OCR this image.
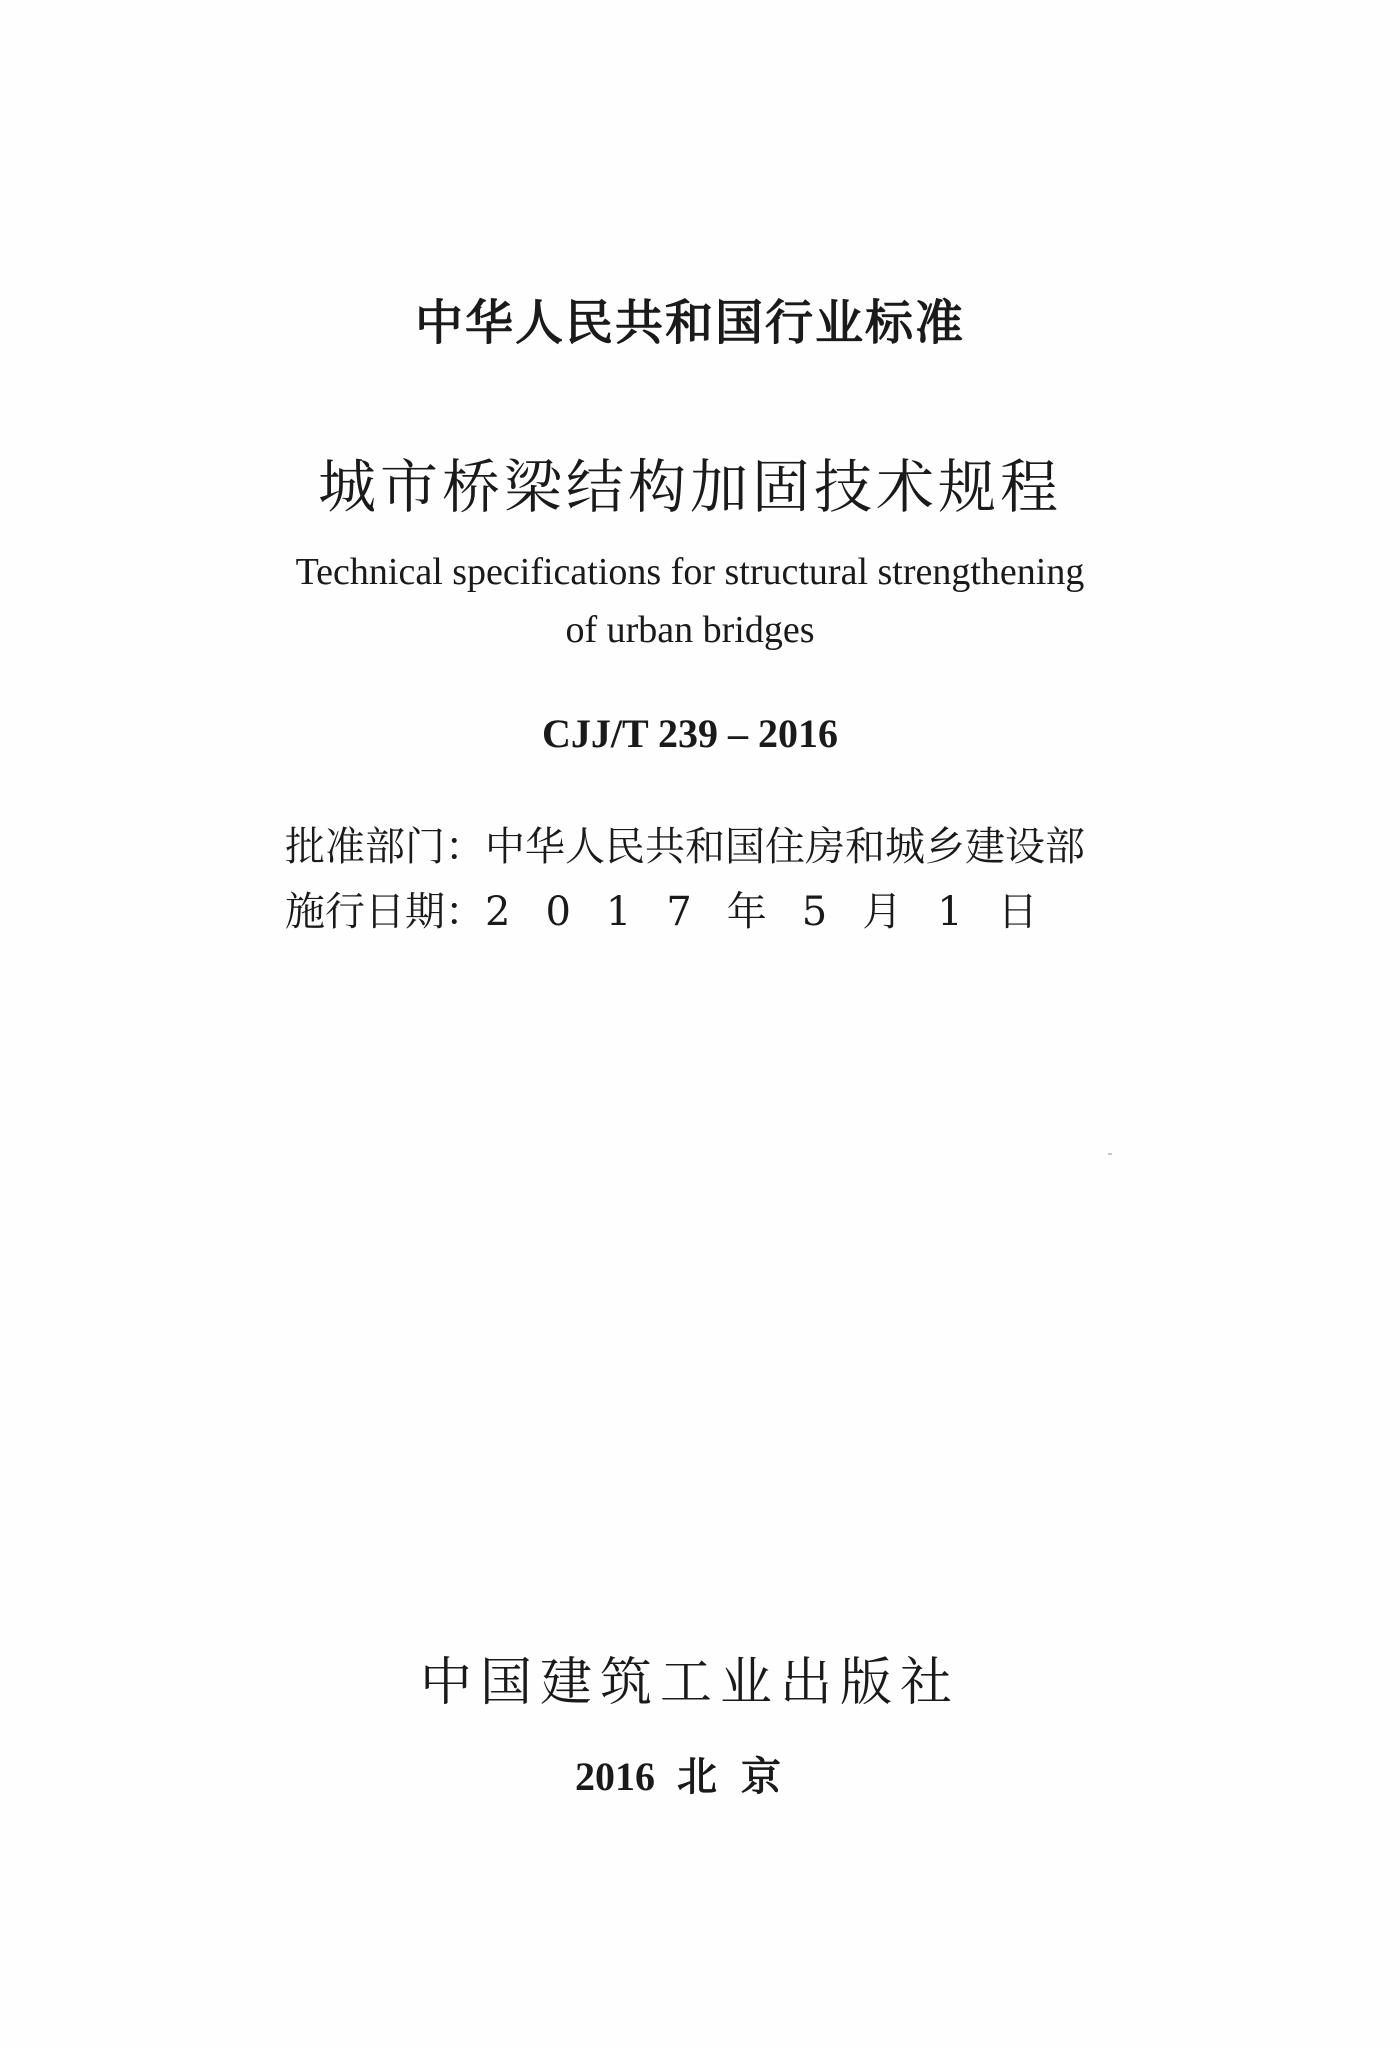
中华人民共和国行业标准
城市桥梁结构加固技术规程
Technical specifications for structural strengthening
of urban bridges
CJJ/T 239 – 2016
批准部门：中华人民共和国住房和城乡建设部
施行日期：2017年5月1日
中国建筑工业出版社
2016 北京
